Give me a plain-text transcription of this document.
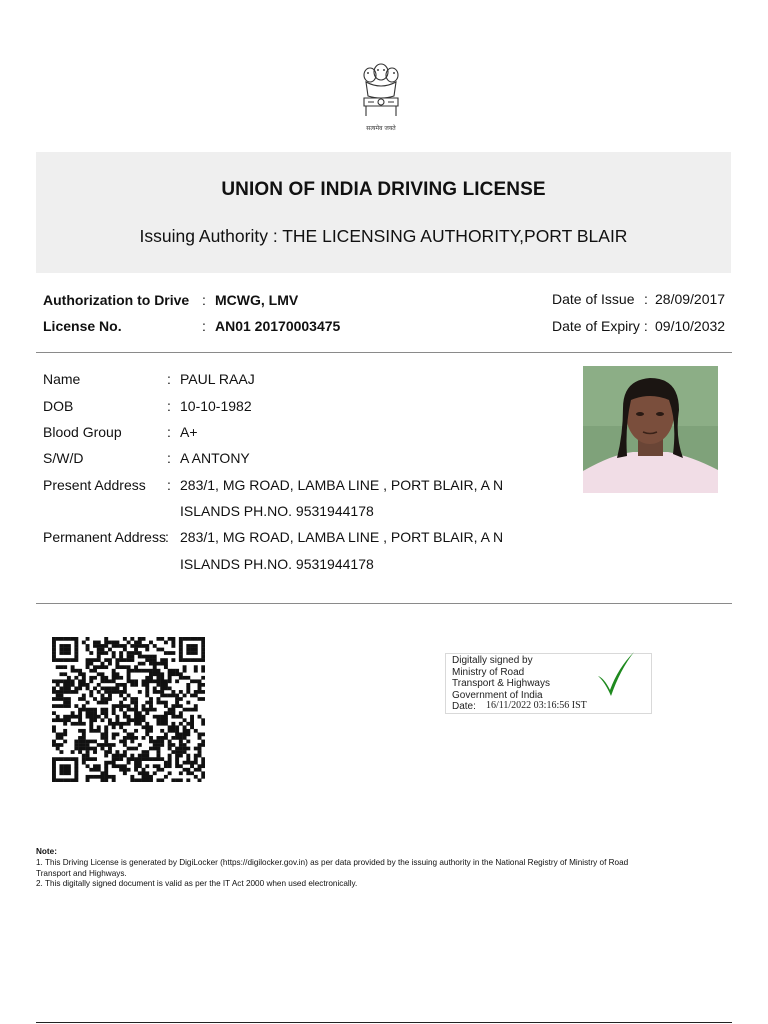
सत्यमेव जयते
UNION OF INDIA DRIVING LICENSE
Issuing Authority : THE LICENSING AUTHORITY,PORT BLAIR
Authorization to Drive : MCWG, LMV
License No.	: AN01 20170003475
Date of Issue : 28/09/2017
Date of Expiry : 09/10/2032
Name	: PAUL RAAJ
DOB	: 10-10-1982
Blood Group	: A+
S/W/D	: A ANTONY
Present Address : 283/1, MG ROAD, LAMBA LINE , PORT BLAIR, A N
ISLANDS PH.NO. 9531944178
Permanent Address : 283/1, MG ROAD, LAMBA LINE , PORT BLAIR, A N
ISLANDS PH.NO. 9531944178
Digitally signed by
Ministry of Road
Transport & Highways
Government of India
Date: 16/11/2022 03:16:56 IST
Note:
1. This Driving License is generated by DigiLocker (https://digilocker.gov.in) as per data provided by the issuing authority in the National Registry of Ministry of Road
Transport and Highways.
2. This digitally signed document is valid as per the IT Act 2000 when used electronically.
